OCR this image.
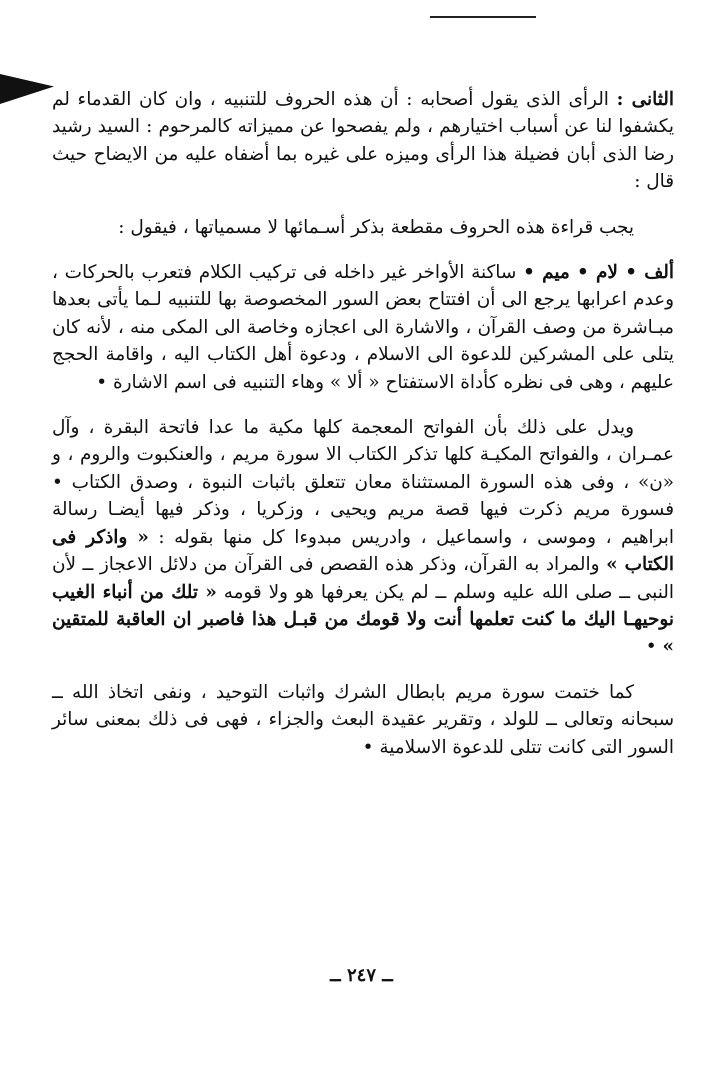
الثانى : الرأى الذى يقول أصحابه : أن هذه الحروف للتنبيه ، وان كان القدماء لم يكشفوا لنا عن أسباب اختيارهم ، ولم يفصحوا عن مميزاته كالمرحوم : السيد رشيد رضا الذى أبان فضيلة هذا الرأى وميزه على غيره بما أضفاه عليه من الايضاح حيث قال :

يجب قراءة هذه الحروف مقطعة بذكر أسـمائها لا مسمياتها ، فيقول :

ألف • لام • ميم • ساكنة الأواخر غير داخله فى تركيب الكلام فتعرب بالحركات ، وعدم اعرابها يرجع الى أن افتتاح بعض السور المخصوصة بها للتنبيه لـما يأتى بعدها مبـاشرة من وصف القرآن ، والاشارة الى اعجازه وخاصة الى المكى منه ، لأنه كان يتلى على المشركين للدعوة الى الاسلام ، ودعوة أهل الكتاب اليه ، واقامة الحجج عليهم ، وهى فى نظره كأداة الاستفتاح « ألا » وهاء التنبيه فى اسم الاشارة •

ويدل على ذلك بأن الفواتح المعجمة كلها مكية ما عدا فاتحة البقرة ، وآل عمـران ، والفواتح المكيـة كلها تذكر الكتاب الا سورة مريم ، والعنكبوت والروم ، و «ن» ، وفى هذه السورة المستثناة معان تتعلق باثبات النبوة ، وصدق الكتاب • فسورة مريم ذكرت فيها قصة مريم ويحيى ، وزكريا ، وذكر فيها أيضـا رسالة ابراهيم ، وموسى ، واسماعيل ، وادريس مبدوءا كل منها بقوله : « واذكر فى الكتاب » والمراد به القرآن، وذكر هذه القصص فى القرآن من دلائل الاعجاز ــ لأن النبى ــ صلى الله عليه وسلم ــ لم يكن يعرفها هو ولا قومه « تلك من أنباء الغيب نوحيهـا اليك ما كنت تعلمها أنت ولا قومك من قبـل هذا فاصبر ان العاقبة للمتقين » •

كما ختمت سورة مريم بابطال الشرك واثبات التوحيد ، ونفى اتخاذ الله ــ سبحانه وتعالى ــ للولد ، وتقرير عقيدة البعث والجزاء ، فهى فى ذلك بمعنى سائر السور التى كانت تتلى للدعوة الاسلامية •

ــ ٢٤٧ ــ
